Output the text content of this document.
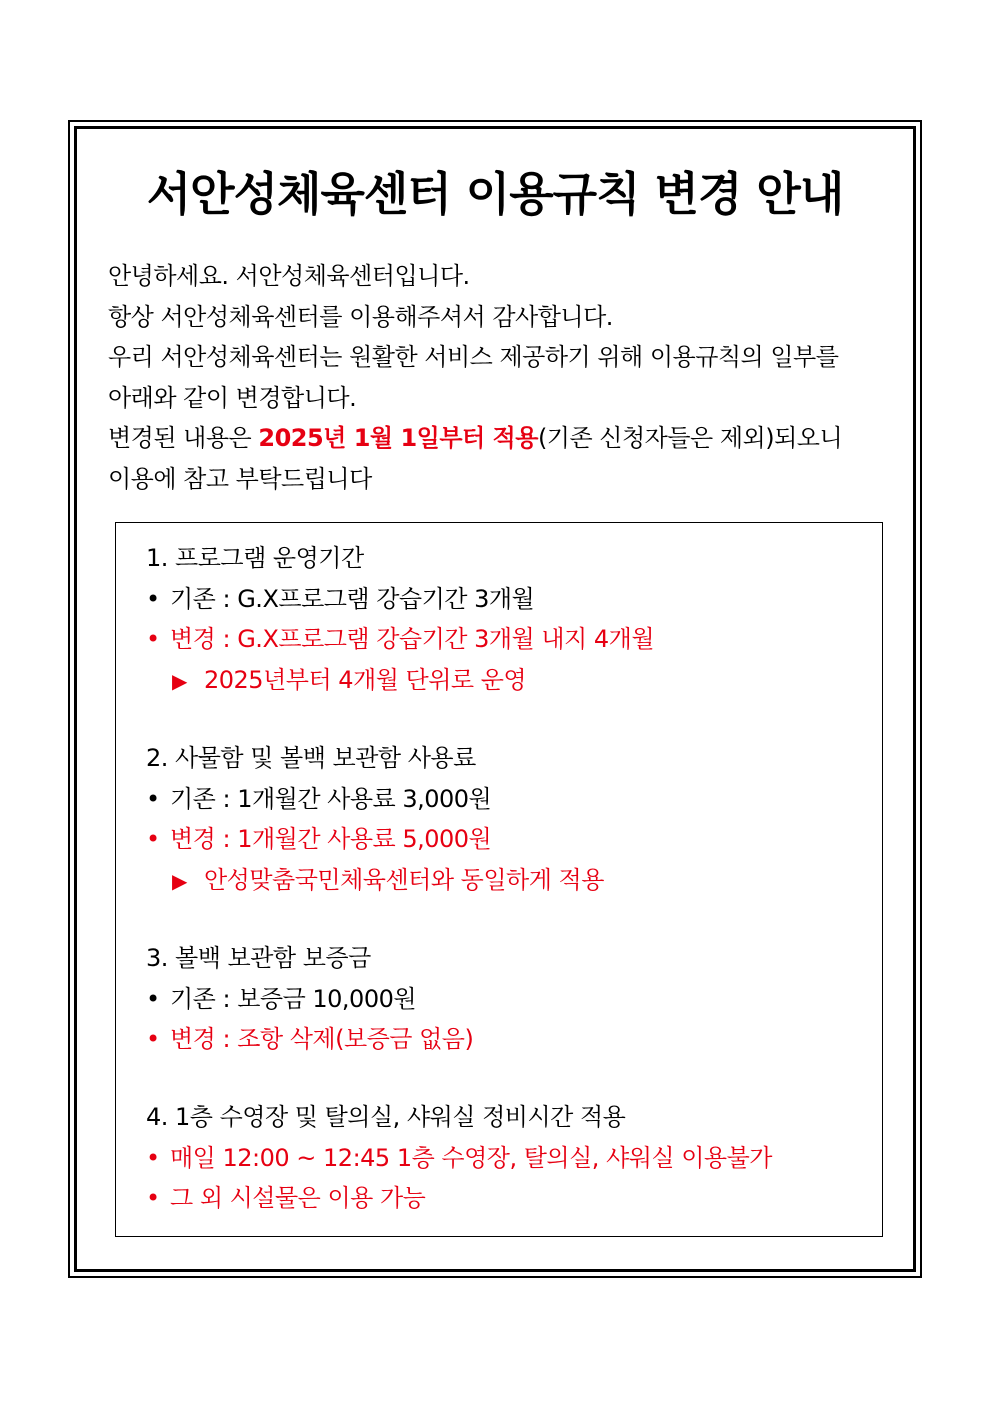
서안성체육센터 이용규칙 변경 안내
안녕하세요. 서안성체육센터입니다.
항상 서안성체육센터를 이용해주셔서 감사합니다.
우리 서안성체육센터는 원활한 서비스 제공하기 위해 이용규칙의 일부를
아래와 같이 변경합니다.
변경된 내용은 2025년 1월 1일부터 적용(기존 신청자들은 제외)되오니
이용에 참고 부탁드립니다
1. 프로그램 운영기간
• 기존 : G.X프로그램 강습기간 3개월
• 변경 : G.X프로그램 강습기간 3개월 내지 4개월
▶ 2025년부터 4개월 단위로 운영
2. 사물함 및 볼백 보관함 사용료
• 기존 : 1개월간 사용료 3,000원
• 변경 : 1개월간 사용료 5,000원
▶ 안성맞춤국민체육센터와 동일하게 적용
3. 볼백 보관함 보증금
• 기존 : 보증금 10,000원
• 변경 : 조항 삭제(보증금 없음)
4. 1층 수영장 및 탈의실, 샤워실 정비시간 적용
• 매일 12:00 ~ 12:45 1층 수영장, 탈의실, 샤워실 이용불가
• 그 외 시설물은 이용 가능
